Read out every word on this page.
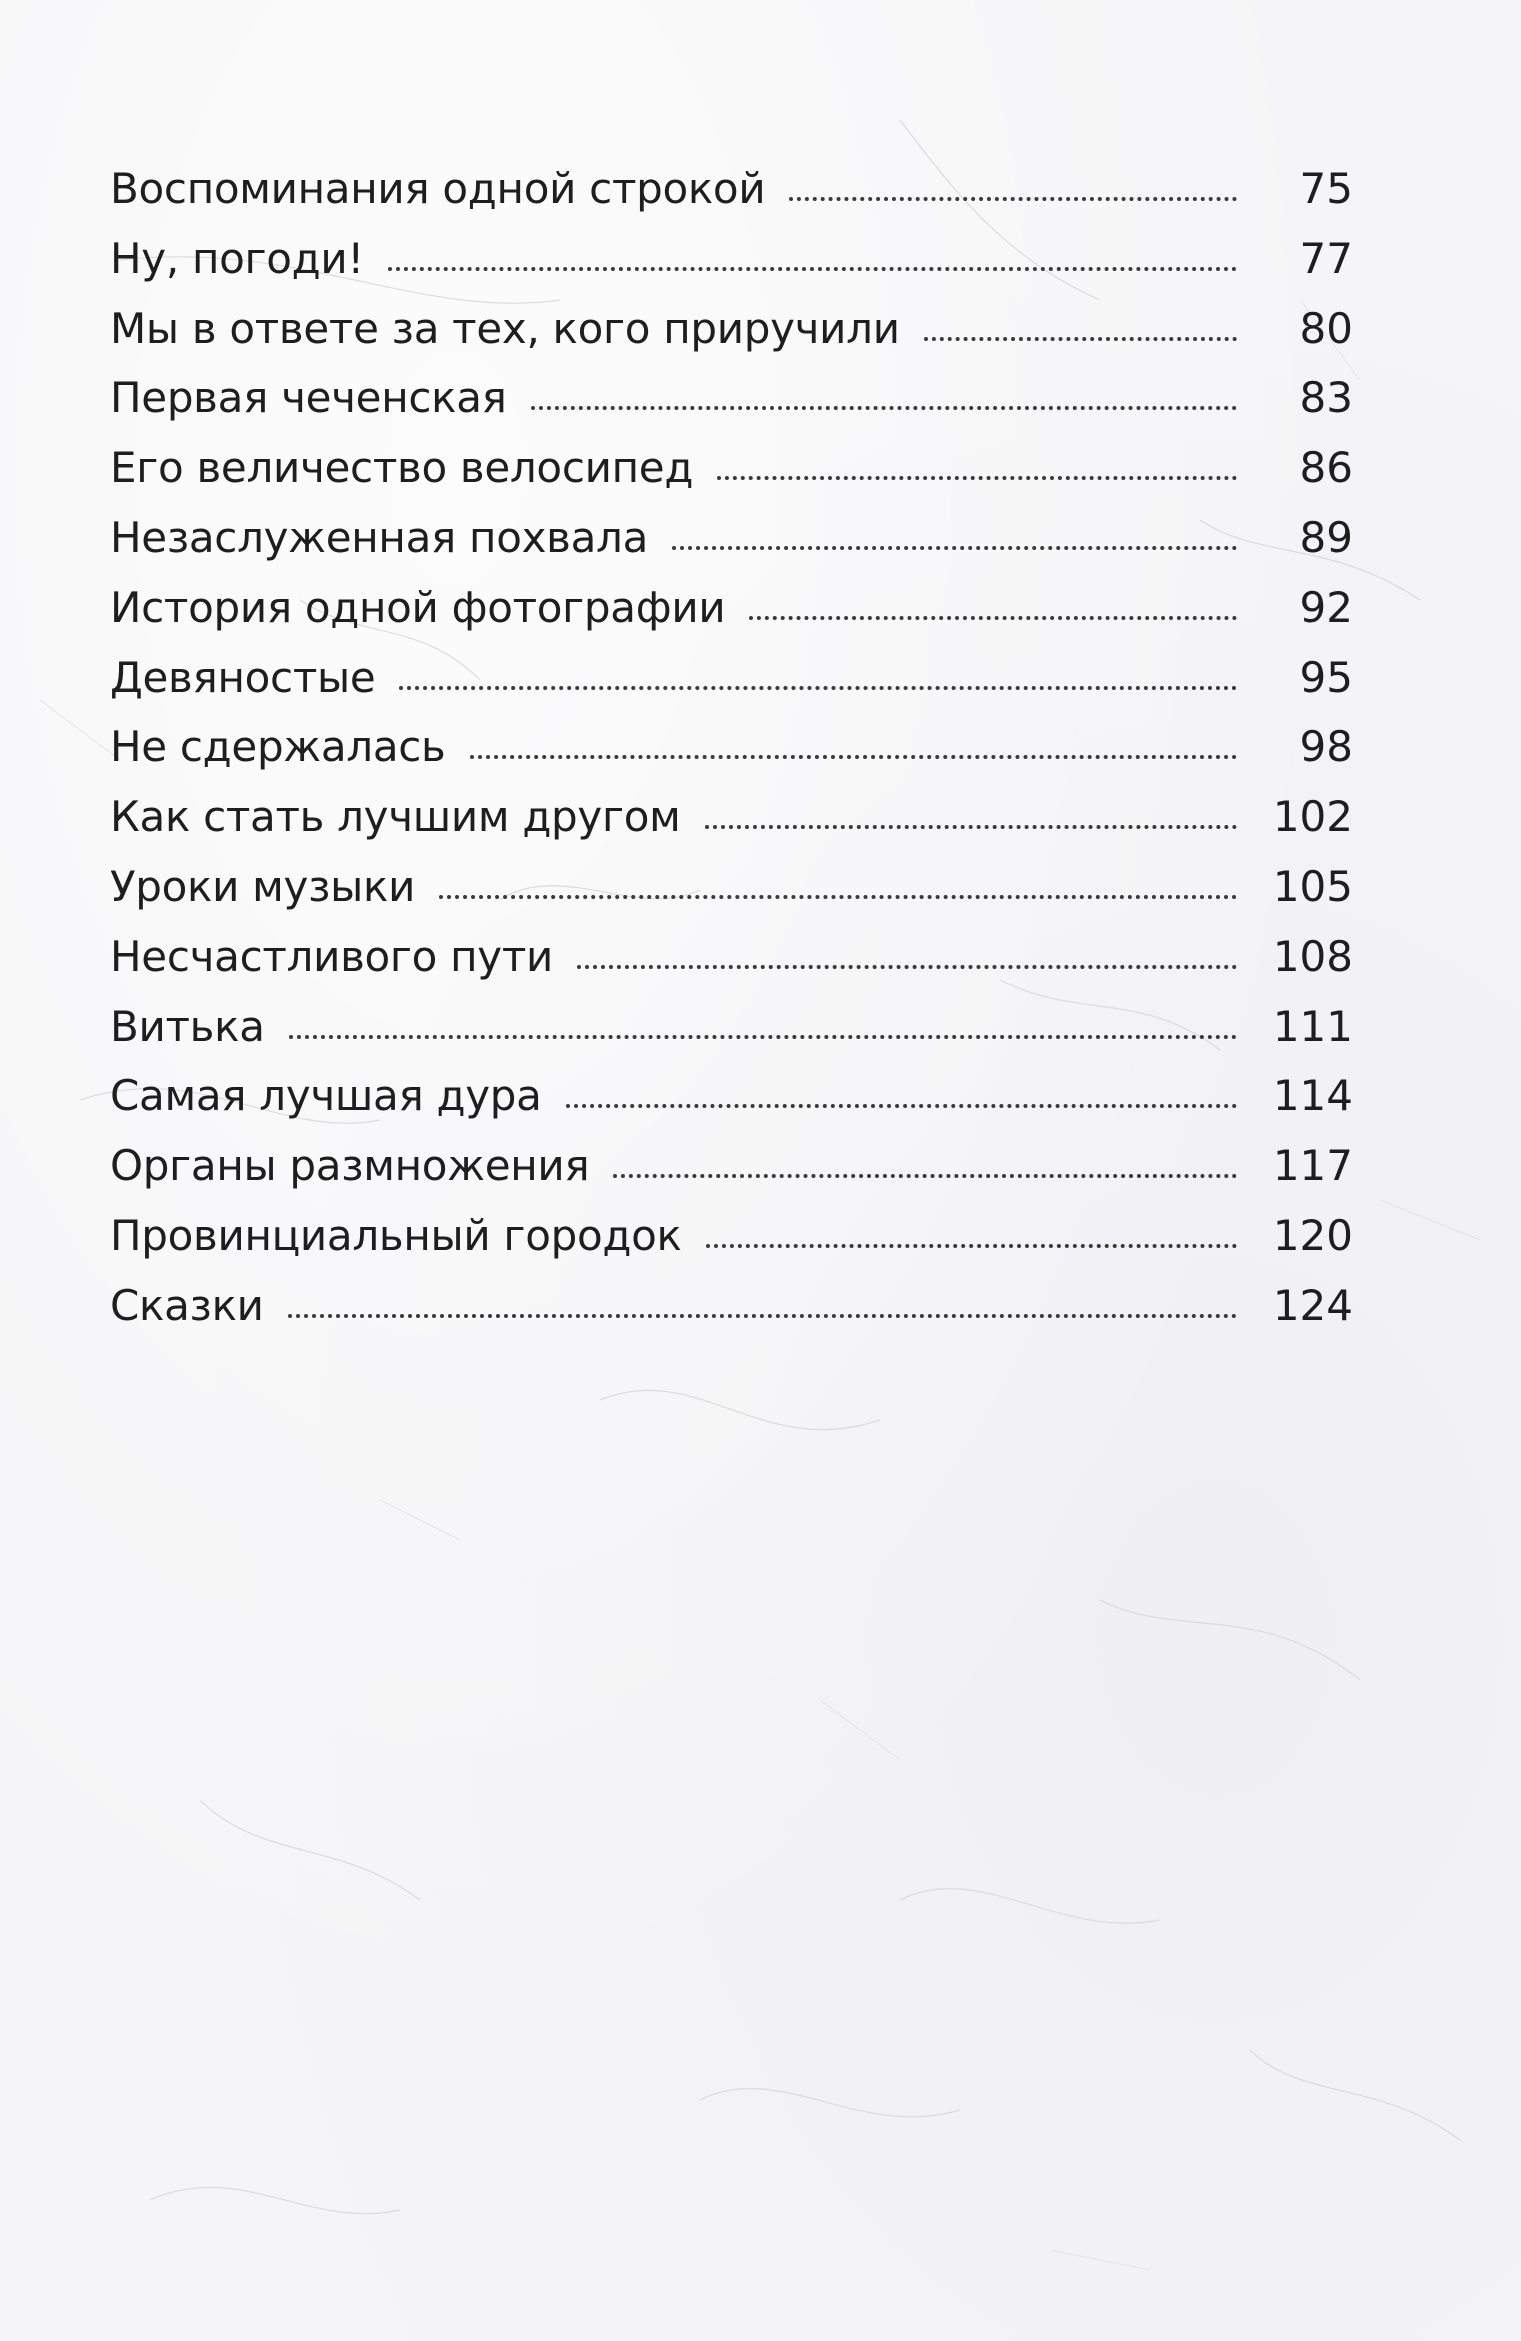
Воспоминания одной строкой	75
Ну, погоди!	77
Мы в ответе за тех, кого приручили	80
Первая чеченская	83
Его величество велосипед	86
Незаслуженная похвала	89
История одной фотографии	92
Девяностые	95
Не сдержалась	98
Как стать лучшим другом	102
Уроки музыки	105
Несчастливого пути	108
Витька	111
Самая лучшая дура	114
Органы размножения	117
Провинциальный городок	120
Сказки	124
